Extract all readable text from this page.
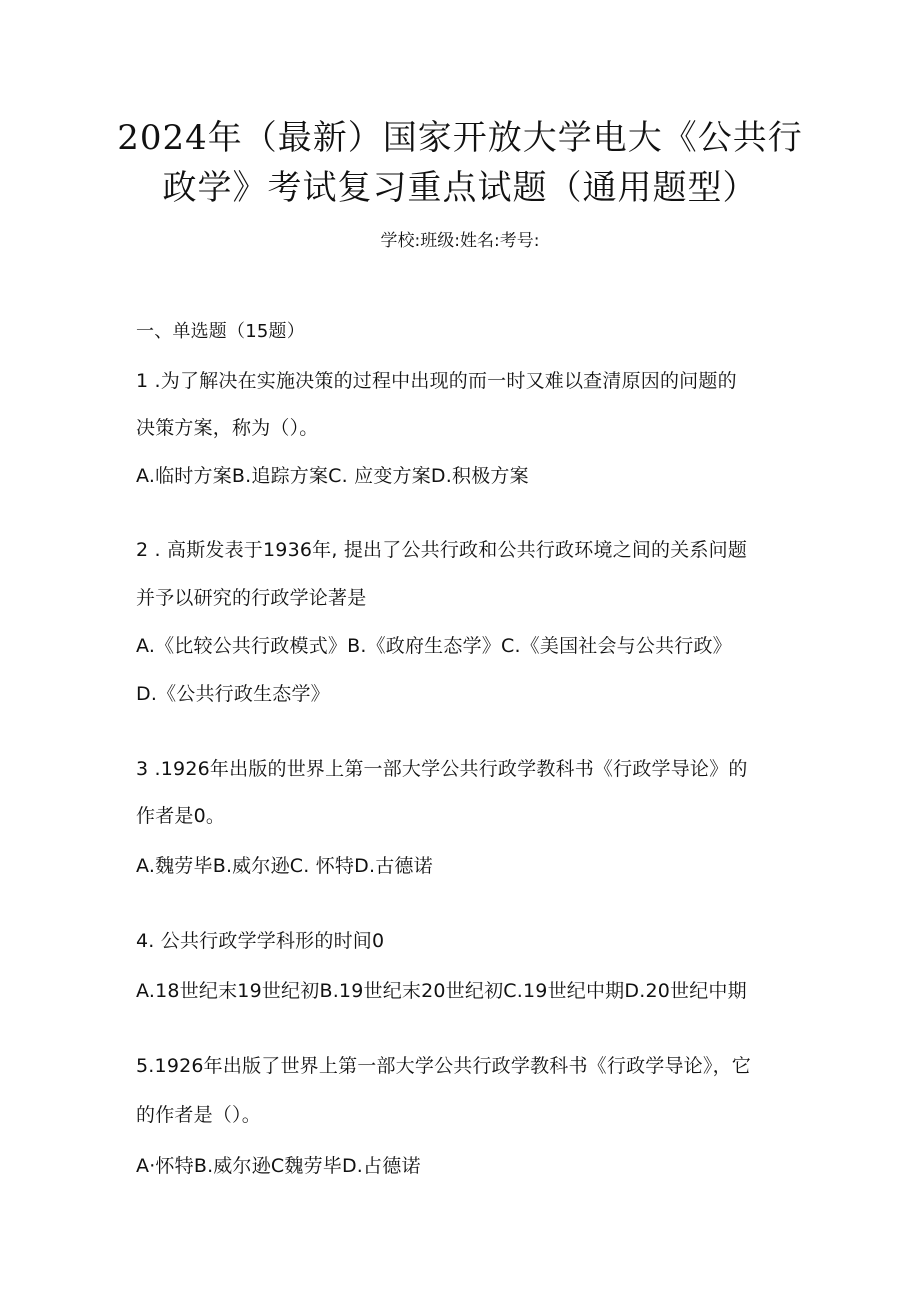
2024年（最新）国家开放大学电大《公共行
政学》考试复习重点试题（通用题型）
学校:班级:姓名:考号:
一、单选题（15题）
1 .为了解决在实施决策的过程中出现的而一时又难以查清原因的问题的
决策方案，称为（）。
A.临时方案B.追踪方案C. 应变方案D.积极方案
2 . 高斯发表于1936年, 提出了公共行政和公共行政环境之间的关系问题
并予以研究的行政学论著是
A.《比较公共行政模式》B.《政府生态学》C.《美国社会与公共行政》
D.《公共行政生态学》
3 .1926年出版的世界上第一部大学公共行政学教科书《行政学导论》的
作者是0。
A.魏劳毕B.威尔逊C. 怀特D.古德诺
4. 公共行政学学科形的时间0
A.18世纪末19世纪初B.19世纪末20世纪初C.19世纪中期D.20世纪中期
5.1926年出版了世界上第一部大学公共行政学教科书《行政学导论》，它
的作者是（）。
A·怀特B.威尔逊C魏劳毕D.占德诺
